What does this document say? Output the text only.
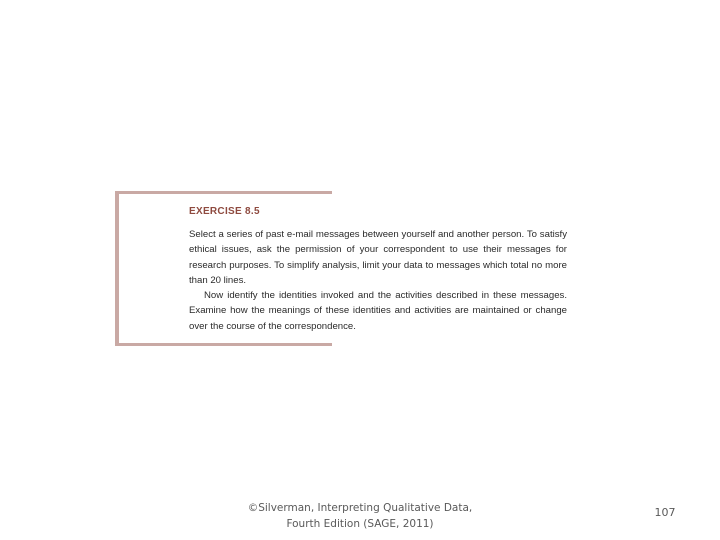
EXERCISE 8.5

Select a series of past e-mail messages between yourself and another person. To satisfy ethical issues, ask the permission of your correspondent to use their messages for research purposes. To simplify analysis, limit your data to messages which total no more than 20 lines.

Now identify the identities invoked and the activities described in these messages. Examine how the meanings of these identities and activities are maintained or change over the course of the correspondence.

©Silverman, Interpreting Qualitative Data,
Fourth Edition (SAGE, 2011)
107
